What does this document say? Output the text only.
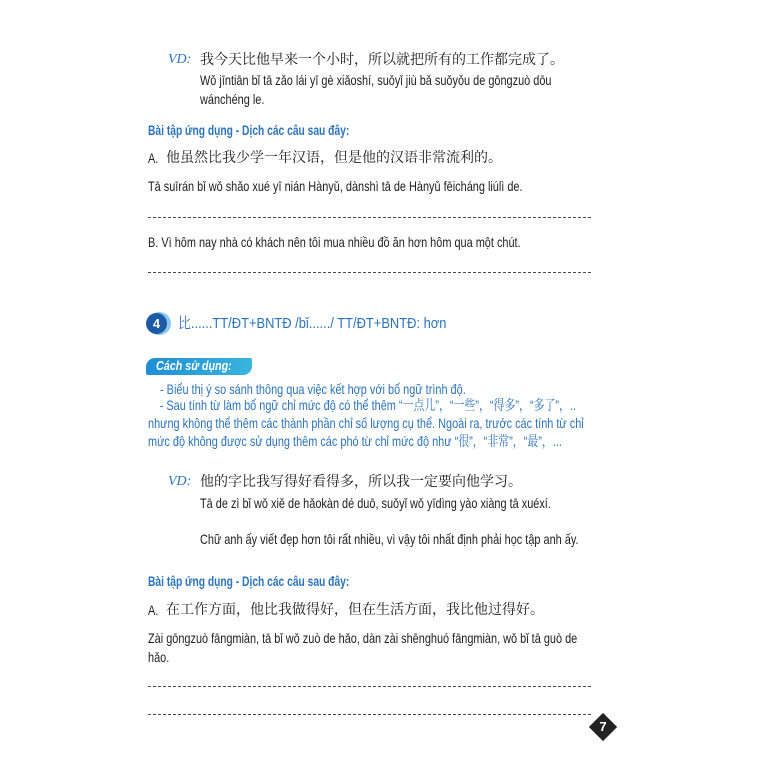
VD: 我今天比他早来一个小时，所以就把所有的工作都完成了。
Wǒ jīntiān bǐ tā zǎo lái yī gè xiǎoshí, suǒyǐ jiù bǎ suǒyǒu de gōngzuò dōu wánchéng le.
Bài tập ứng dụng - Dịch các câu sau đây:
A. 他虽然比我少学一年汉语，但是他的汉语非常流利的。
Tā suīrán bǐ wǒ shǎo xué yī nián Hànyǔ, dànshì tā de Hànyǔ fēicháng liúlì de.
B. Vì hôm nay nhà có khách nên tôi mua nhiều đồ ăn hơn hôm qua một chút.
4	比......TT/ĐT+BNTĐ /bǐ....../ TT/ĐT+BNTĐ: hơn
Cách sử dụng:
- Biểu thị ý so sánh thông qua việc kết hợp với bổ ngữ trình độ.
- Sau tính từ làm bổ ngữ chỉ mức độ có thể thêm “一点儿”，“一些”，“得多”，“多了”，.. nhưng không thể thêm các thành phần chỉ số lượng cụ thể. Ngoài ra, trước các tính từ chỉ mức độ không được sử dụng thêm các phó từ chỉ mức độ như “很”，“非常”，“最”，...
VD: 他的字比我写得好看得多，所以我一定要向他学习。
Tā de zì bǐ wǒ xiě de hǎokàn dé duō, suǒyǐ wǒ yīdìng yào xiàng tā xuéxí.
Chữ anh ấy viết đẹp hơn tôi rất nhiều, vì vậy tôi nhất định phải học tập anh ấy.
Bài tập ứng dụng - Dịch các câu sau đây:
A. 在工作方面，他比我做得好，但在生活方面，我比他过得好。
Zài gōngzuò fāngmiàn, tā bǐ wǒ zuò de hǎo, dàn zài shēnghuó fāngmiàn, wǒ bǐ tā guò de hǎo.
7
